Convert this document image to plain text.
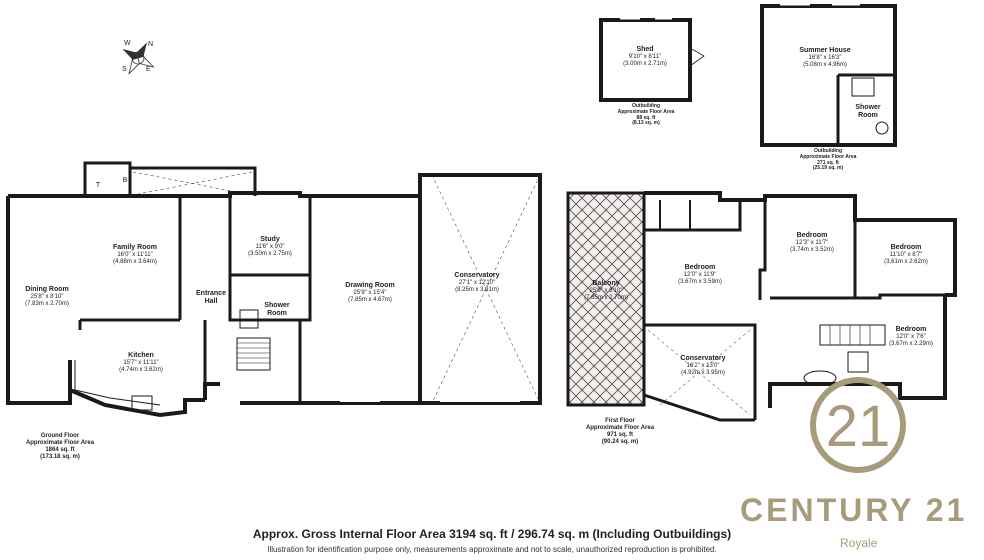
21
Family Room
16'0" x 11'11"
(4.88m x 3.64m)
Dining Room
25'8" x 8'10"
(7.83m x 2.70m)
Kitchen
15'7" x 11'11"
(4.74m x 3.62m)
Entrance
Hall
Study
11'6" x 9'0"
(3.50m x 2.75m)
Shower
Room
Drawing Room
25'9" x 15'4"
(7.85m x 4.67m)
Conservatory
27'1" x 12'10"
(8.25m x 3.91m)
T
B
Ground Floor
Approximate Floor Area
1864 sq. ft
(173.18 sq. m)
Balcony
25'9" x 8'10"
(7.85m x 2.70m)
Bedroom
12'0" x 11'9"
(3.67m x 3.59m)
Bedroom
12'3" x 11'7"
(3.74m x 3.52m)	Bedroom
11'10" x 8'7"
(3.61m x 2.62m)
Bedroom
12'0" x 7'6"
(3.67m x 2.29m)
Conservatory
16'2" x 13'0"
(4.92m x 3.95m)
First Floor
Approximate Floor Area
971 sq. ft
(90.24 sq. m)
Shed
9'10" x 8'11"
(3.00m x 2.71m)
Outbuilding
Approximate Floor Area
88 sq. ft
(8.13 sq. m)
Summer House
16'8" x 16'3"
(5.08m x 4.96m)
Shower
Room
Outbuilding
Approximate Floor Area
271 sq. ft
(25.19 sq. m)
N
S	E
W
Approx. Gross Internal Floor Area 3194 sq. ft / 296.74 sq. m (Including Outbuildings)
Illustration for identification purpose only, measurements approximate and not to scale, unauthorized reproduction is prohibited.
CENTURY 21
Royale
